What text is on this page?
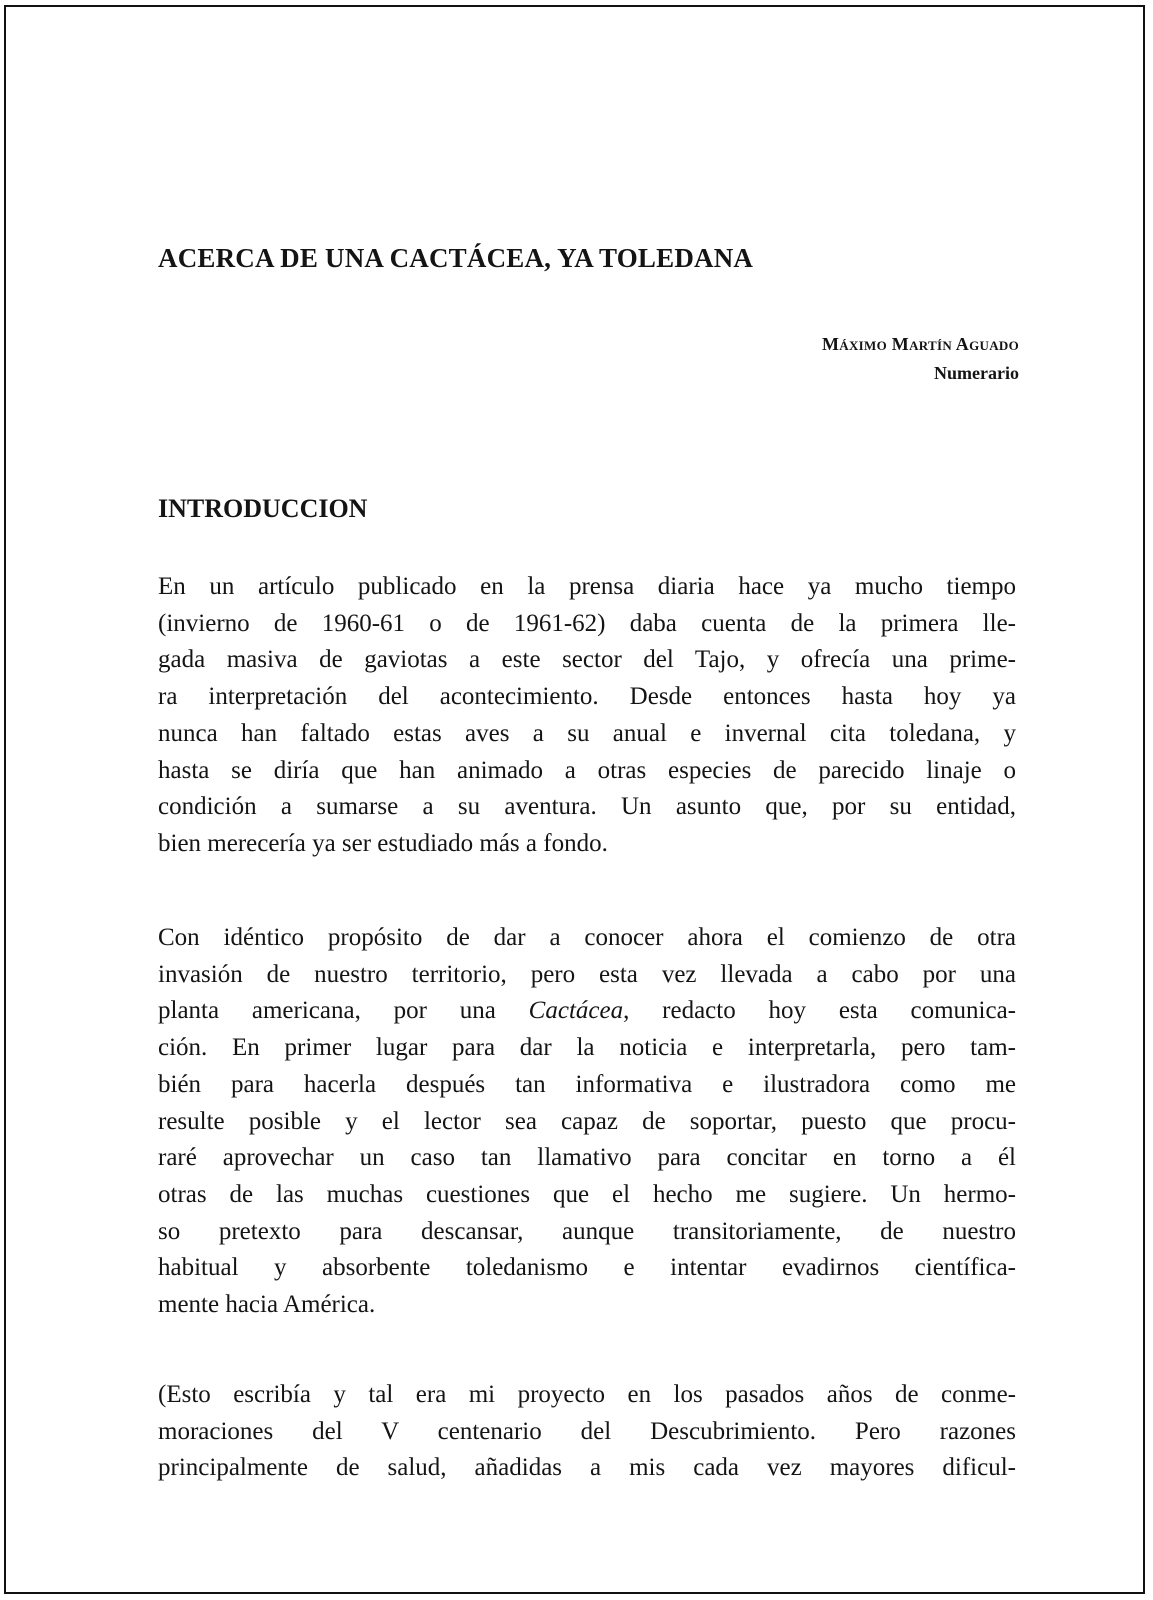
ACERCA DE UNA CACTÁCEA, YA TOLEDANA
Máximo Martín Aguado
Numerario
INTRODUCCION

En un artículo publicado en la prensa diaria hace ya mucho tiempo
(invierno de 1960-61 o de 1961-62) daba cuenta de la primera lle-
gada masiva de gaviotas a este sector del Tajo, y ofrecía una prime-
ra interpretación del acontecimiento. Desde entonces hasta hoy ya
nunca han faltado estas aves a su anual e invernal cita toledana, y
hasta se diría que han animado a otras especies de parecido linaje o
condición a sumarse a su aventura. Un asunto que, por su entidad,
bien merecería ya ser estudiado más a fondo.

Con idéntico propósito de dar a conocer ahora el comienzo de otra
invasión de nuestro territorio, pero esta vez llevada a cabo por una
planta americana, por una Cactácea, redacto hoy esta comunica-
ción. En primer lugar para dar la noticia e interpretarla, pero tam-
bién para hacerla después tan informativa e ilustradora como me
resulte posible y el lector sea capaz de soportar, puesto que procu-
raré aprovechar un caso tan llamativo para concitar en torno a él
otras de las muchas cuestiones que el hecho me sugiere. Un hermo-
so pretexto para descansar, aunque transitoriamente, de nuestro
habitual y absorbente toledanismo e intentar evadirnos científica-
mente hacia América.

(Esto escribía y tal era mi proyecto en los pasados años de conme-
moraciones del V centenario del Descubrimiento. Pero razones
principalmente de salud, añadidas a mis cada vez mayores dificul-
